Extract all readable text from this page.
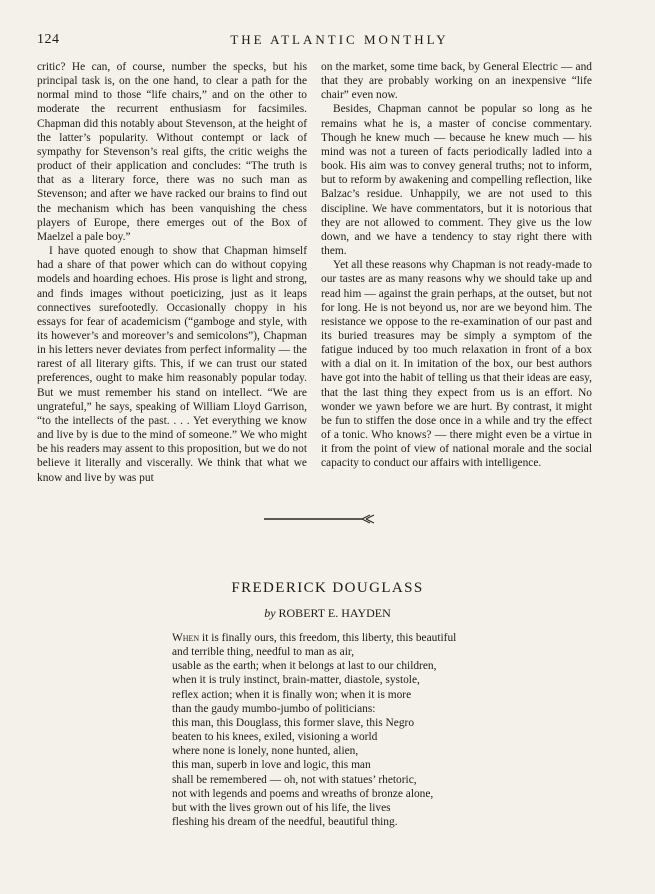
124	THE ATLANTIC MONTHLY

critic? He can, of course, number the specks, but his principal task is, on the one hand, to clear a path for the normal mind to those “life chairs,” and on the other to moderate the recurrent enthusiasm for facsimiles. Chapman did this notably about Stevenson, at the height of the latter’s popularity. Without contempt or lack of sympathy for Stevenson’s real gifts, the critic weighs the product of their application and concludes: “The truth is that as a literary force, there was no such man as Stevenson; and after we have racked our brains to find out the mechanism which has been vanquishing the chess players of Europe, there emerges out of the Box of Maelzel a pale boy.”

I have quoted enough to show that Chapman himself had a share of that power which can do without copying models and hoarding echoes. His prose is light and strong, and finds images without poeticizing, just as it leaps connectives surefootedly. Occasionally choppy in his essays for fear of academicism (“gamboge and style, with its however’s and moreover’s and semicolons”), Chapman in his letters never deviates from perfect informality — the rarest of all literary gifts. This, if we can trust our stated preferences, ought to make him reasonably popular today. But we must remember his stand on intellect. “We are ungrateful,” he says, speaking of William Lloyd Garrison, “to the intellects of the past. . . . Yet everything we know and live by is due to the mind of someone.” We who might be his readers may assent to this proposition, but we do not believe it literally and viscerally. We think that what we know and live by was put

on the market, some time back, by General Electric — and that they are probably working on an inexpensive “life chair” even now.

Besides, Chapman cannot be popular so long as he remains what he is, a master of concise commentary. Though he knew much — because he knew much — his mind was not a tureen of facts periodically ladled into a book. His aim was to convey general truths; not to inform, but to reform by awakening and compelling reflection, like Balzac’s residue. Unhappily, we are not used to this discipline. We have commentators, but it is notorious that they are not allowed to comment. They give us the low down, and we have a tendency to stay right there with them.

Yet all these reasons why Chapman is not ready-made to our tastes are as many reasons why we should take up and read him — against the grain perhaps, at the outset, but not for long. He is not beyond us, nor are we beyond him. The resistance we oppose to the re-examination of our past and its buried treasures may be simply a symptom of the fatigue induced by too much relaxation in front of a box with a dial on it. In imitation of the box, our best authors have got into the habit of telling us that their ideas are easy, that the last thing they expect from us is an effort. No wonder we yawn before we are hurt. By contrast, it might be fun to stiffen the dose once in a while and try the effect of a tonic. Who knows? — there might even be a virtue in it from the point of view of national morale and the social capacity to conduct our affairs with intelligence.

FREDERICK DOUGLASS
by ROBERT E. HAYDEN
When it is finally ours, this freedom, this liberty, this beautiful
and terrible thing, needful to man as air,
usable as the earth; when it belongs at last to our children,
when it is truly instinct, brain-matter, diastole, systole,
reflex action; when it is finally won; when it is more
than the gaudy mumbo-jumbo of politicians:
this man, this Douglass, this former slave, this Negro
beaten to his knees, exiled, visioning a world
where none is lonely, none hunted, alien,
this man, superb in love and logic, this man
shall be remembered — oh, not with statues’ rhetoric,
not with legends and poems and wreaths of bronze alone,
but with the lives grown out of his life, the lives
fleshing his dream of the needful, beautiful thing.
